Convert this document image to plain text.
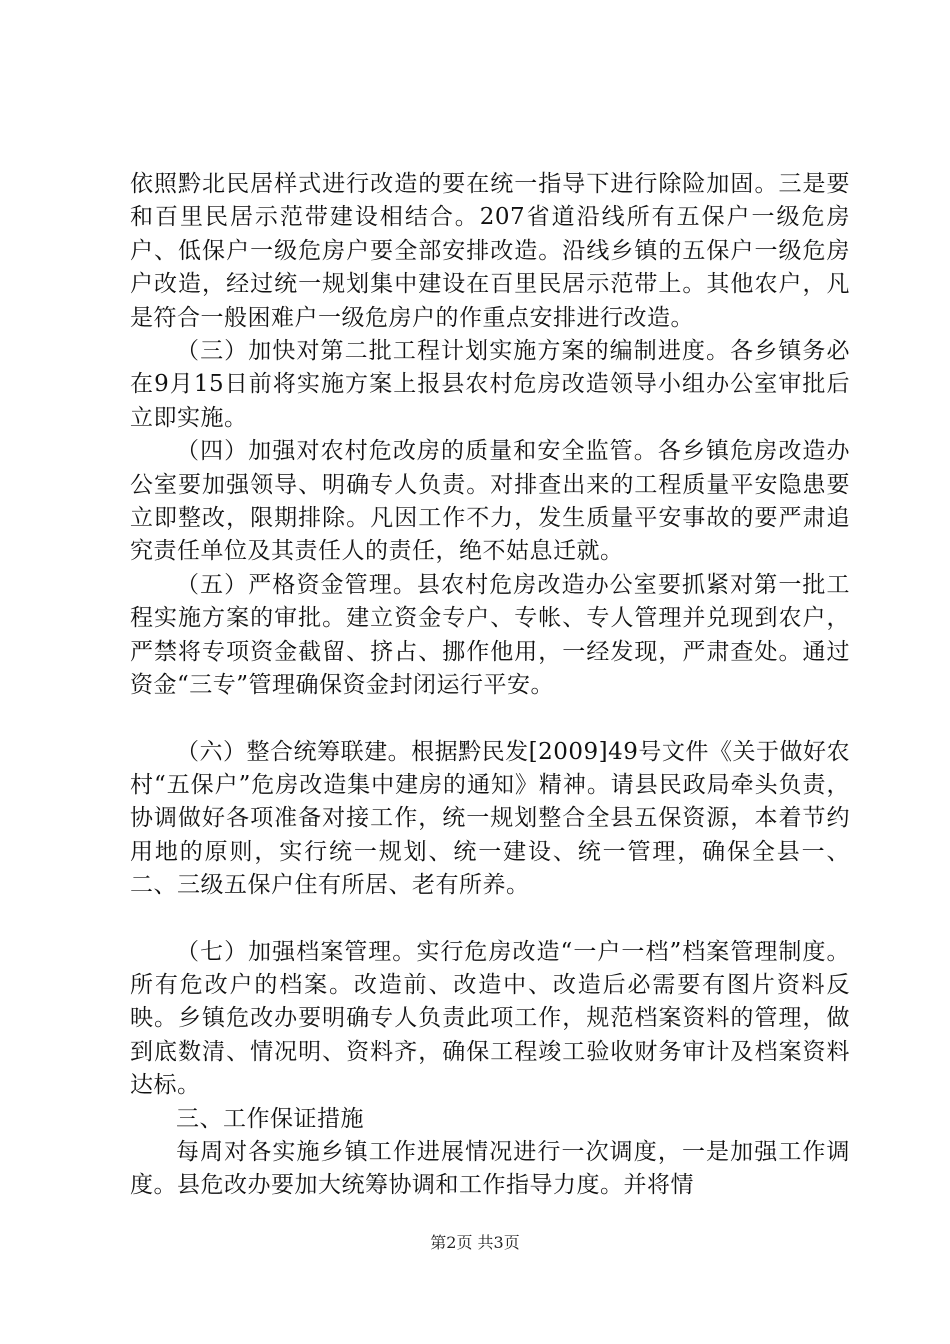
依照黔北民居样式进行改造的要在统一指导下进行除险加固。三是要和百里民居示范带建设相结合。207省道沿线所有五保户一级危房户、低保户一级危房户要全部安排改造。沿线乡镇的五保户一级危房户改造，经过统一规划集中建设在百里民居示范带上。其他农户，凡是符合一般困难户一级危房户的作重点安排进行改造。

（三）加快对第二批工程计划实施方案的编制进度。各乡镇务必在9月15日前将实施方案上报县农村危房改造领导小组办公室审批后立即实施。

（四）加强对农村危改房的质量和安全监管。各乡镇危房改造办公室要加强领导、明确专人负责。对排查出来的工程质量平安隐患要立即整改，限期排除。凡因工作不力，发生质量平安事故的要严肃追究责任单位及其责任人的责任，绝不姑息迁就。

（五）严格资金管理。县农村危房改造办公室要抓紧对第一批工程实施方案的审批。建立资金专户、专帐、专人管理并兑现到农户，严禁将专项资金截留、挤占、挪作他用，一经发现，严肃查处。通过资金“三专”管理确保资金封闭运行平安。

（六）整合统筹联建。根据黔民发[2009]49号文件《关于做好农村“五保户”危房改造集中建房的通知》精神。请县民政局牵头负责，协调做好各项准备对接工作，统一规划整合全县五保资源，本着节约用地的原则，实行统一规划、统一建设、统一管理，确保全县一、二、三级五保户住有所居、老有所养。

（七）加强档案管理。实行危房改造“一户一档”档案管理制度。所有危改户的档案。改造前、改造中、改造后必需要有图片资料反映。乡镇危改办要明确专人负责此项工作，规范档案资料的管理，做到底数清、情况明、资料齐，确保工程竣工验收财务审计及档案资料达标。

三、工作保证措施

每周对各实施乡镇工作进展情况进行一次调度，一是加强工作调度。县危改办要加大统筹协调和工作指导力度。并将情

第2页 共3页
